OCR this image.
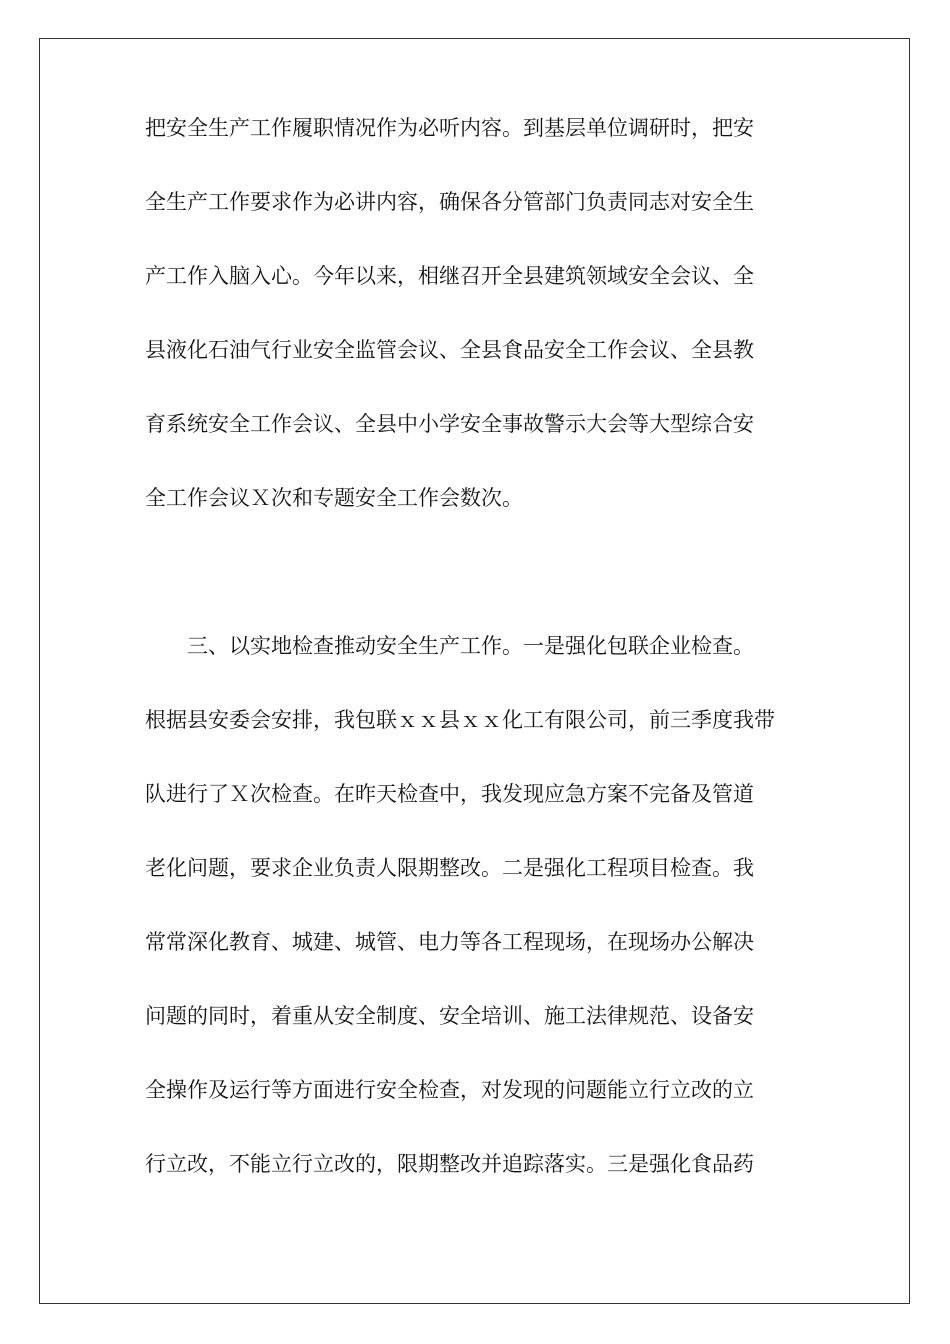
把安全生产工作履职情况作为必听内容。到基层单位调研时，把安
全生产工作要求作为必讲内容，确保各分管部门负责同志对安全生
产工作入脑入心。今年以来，相继召开全县建筑领域安全会议、全
县液化石油气行业安全监管会议、全县食品安全工作会议、全县教
育系统安全工作会议、全县中小学安全事故警示大会等大型综合安
全工作会议Ｘ次和专题安全工作会数次。
　　三、以实地检查推动安全生产工作。一是强化包联企业检查。
根据县安委会安排，我包联ｘｘ县ｘｘ化工有限公司，前三季度我带
队进行了Ｘ次检查。在昨天检查中，我发现应急方案不完备及管道
老化问题，要求企业负责人限期整改。二是强化工程项目检查。我
常常深化教育、城建、城管、电力等各工程现场，在现场办公解决
问题的同时，着重从安全制度、安全培训、施工法律规范、设备安
全操作及运行等方面进行安全检查，对发现的问题能立行立改的立
行立改，不能立行立改的，限期整改并追踪落实。三是强化食品药
